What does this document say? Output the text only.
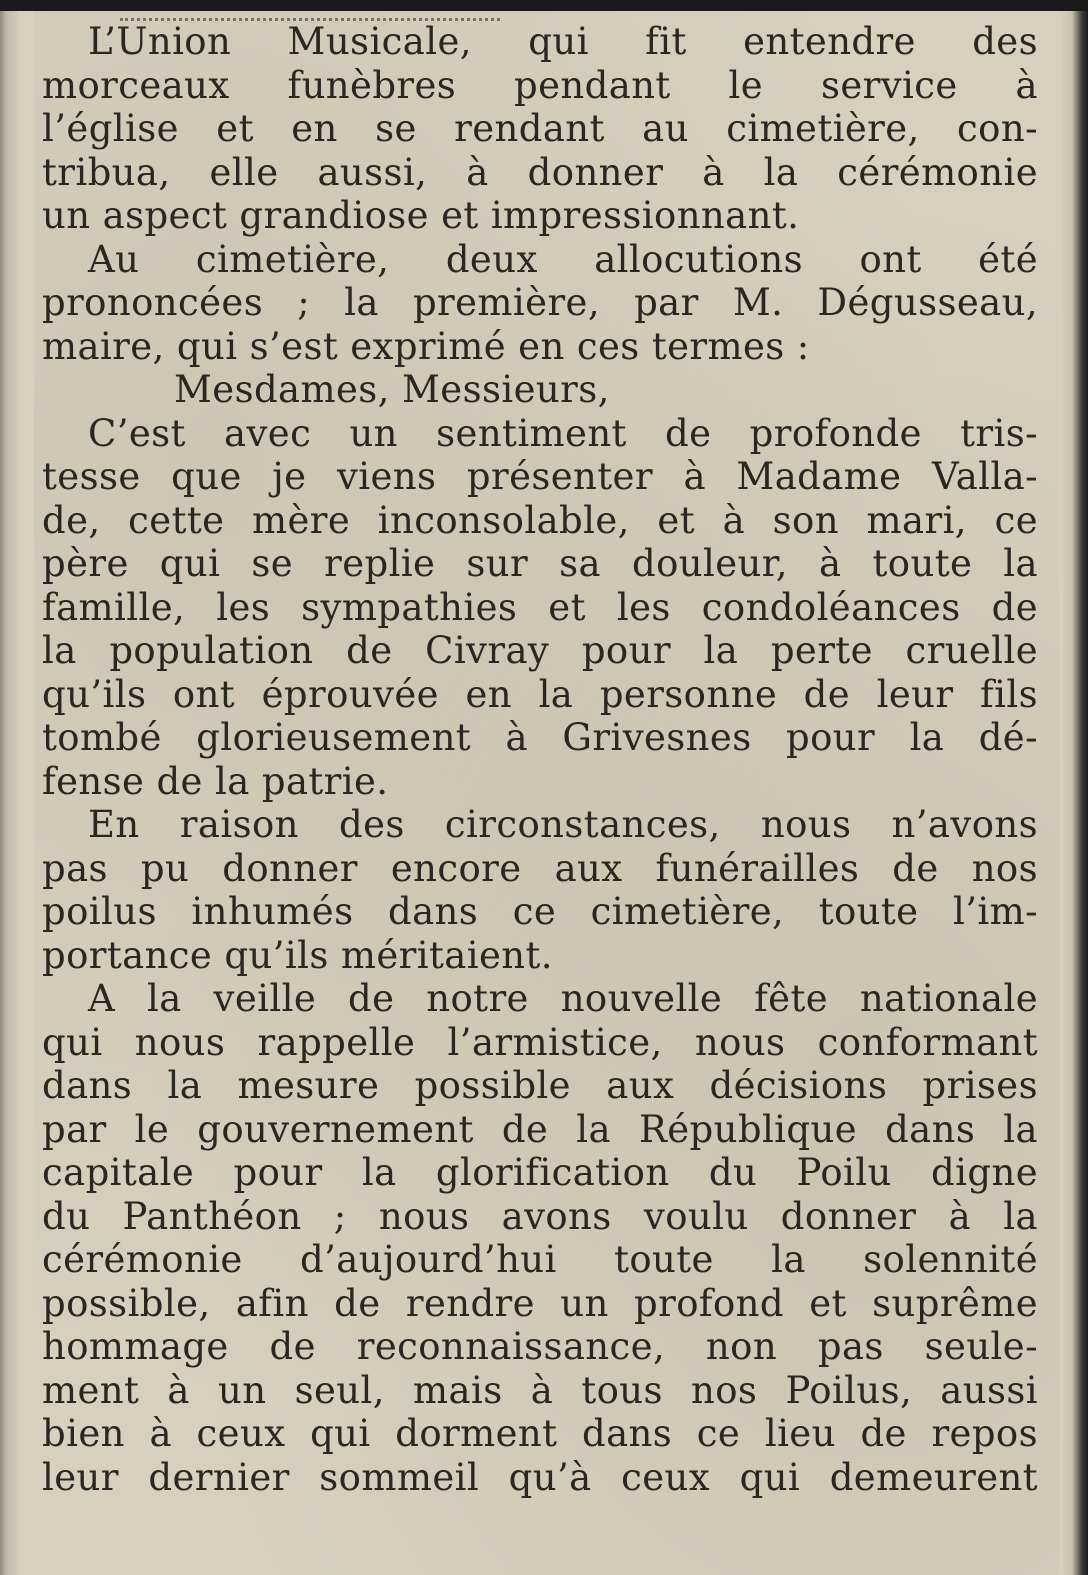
L’Union Musicale, qui fit entendre des
morceaux funèbres pendant le service à
l’église et en se rendant au cimetière, con-
tribua, elle aussi, à donner à la cérémonie
un aspect grandiose et impressionnant.
Au cimetière, deux allocutions ont été
prononcées ; la première, par M. Dégusseau,
maire, qui s’est exprimé en ces termes :
Mesdames, Messieurs,
C’est avec un sentiment de profonde tris-
tesse que je viens présenter à Madame Valla-
de, cette mère inconsolable, et à son mari, ce
père qui se replie sur sa douleur, à toute la
famille, les sympathies et les condoléances de
la population de Civray pour la perte cruelle
qu’ils ont éprouvée en la personne de leur fils
tombé glorieusement à Grivesnes pour la dé-
fense de la patrie.
En raison des circonstances, nous n’avons
pas pu donner encore aux funérailles de nos
poilus inhumés dans ce cimetière, toute l’im-
portance qu’ils méritaient.
A la veille de notre nouvelle fête nationale
qui nous rappelle l’armistice, nous conformant
dans la mesure possible aux décisions prises
par le gouvernement de la République dans la
capitale pour la glorification du Poilu digne
du Panthéon ; nous avons voulu donner à la
cérémonie d’aujourd’hui toute la solennité
possible, afin de rendre un profond et suprême
hommage de reconnaissance, non pas seule-
ment à un seul, mais à tous nos Poilus, aussi
bien à ceux qui dorment dans ce lieu de repos
leur dernier sommeil qu’à ceux qui demeurent
